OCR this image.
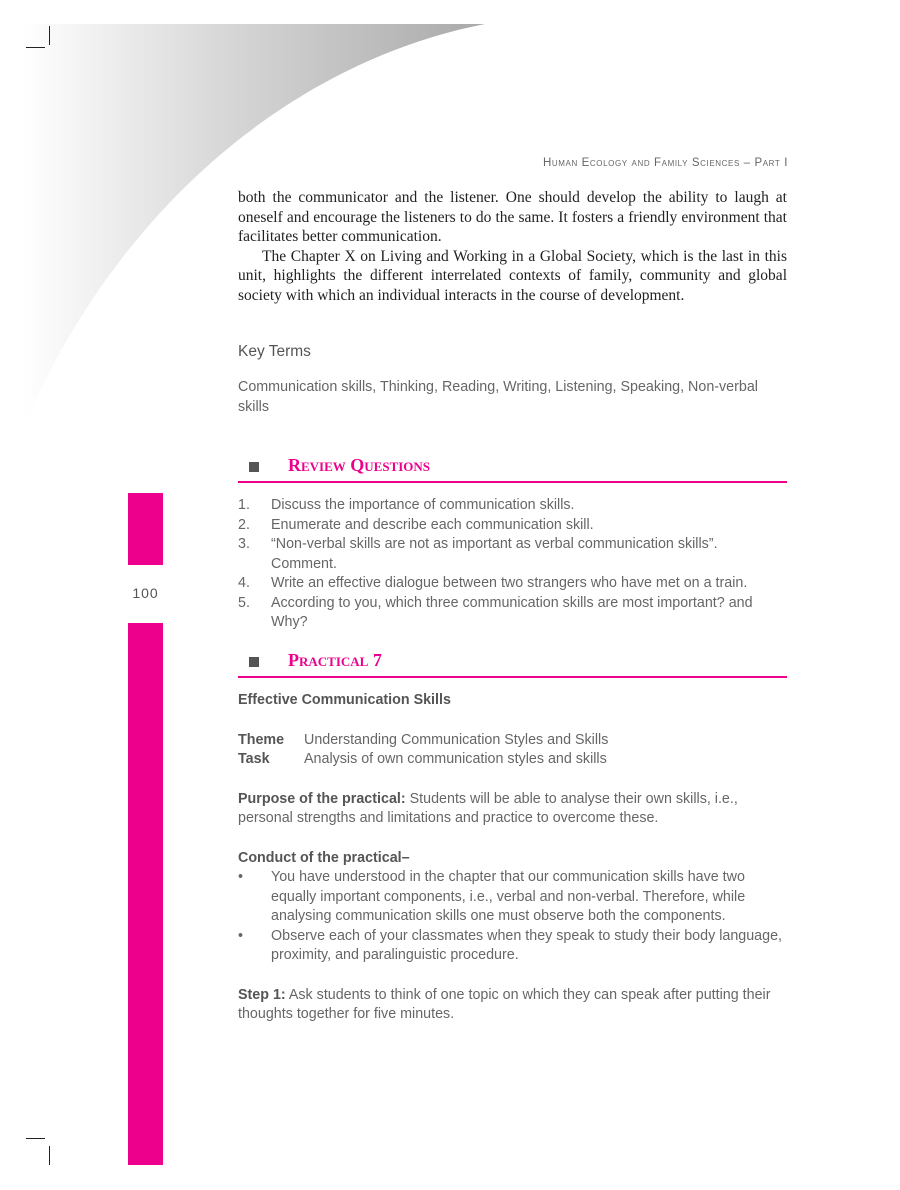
100
Human Ecology and Family Sciences – Part I

both the communicator and the listener. One should develop the ability to laugh at oneself and encourage the listeners to do the same. It fosters a friendly environment that facilitates better communication.

The Chapter X on Living and Working in a Global Society, which is the last in this unit, highlights the different interrelated contexts of family, community and global society with which an individual interacts in the course of development.

Key Terms

Communication skills, Thinking, Reading, Writing, Listening, Speaking, Non-verbal skills

Review Questions
1. Discuss the importance of communication skills.
2. Enumerate and describe each communication skill.
3. “Non-verbal skills are not as important as verbal communication skills”. Comment.
4. Write an effective dialogue between two strangers who have met on a train.
5. According to you, which three communication skills are most important? and Why?
Practical 7

Effective Communication Skills

Theme Understanding Communication Styles and Skills
Task Analysis of own communication styles and skills

Purpose of the practical: Students will be able to analyse their own skills, i.e., personal strengths and limitations and practice to overcome these.

Conduct of the practical–

• You have understood in the chapter that our communication skills have two equally important components, i.e., verbal and non-verbal. Therefore, while analysing communication skills one must observe both the components.
• Observe each of your classmates when they speak to study their body language, proximity, and paralinguistic procedure.

Step 1: Ask students to think of one topic on which they can speak after putting their thoughts together for five minutes.
